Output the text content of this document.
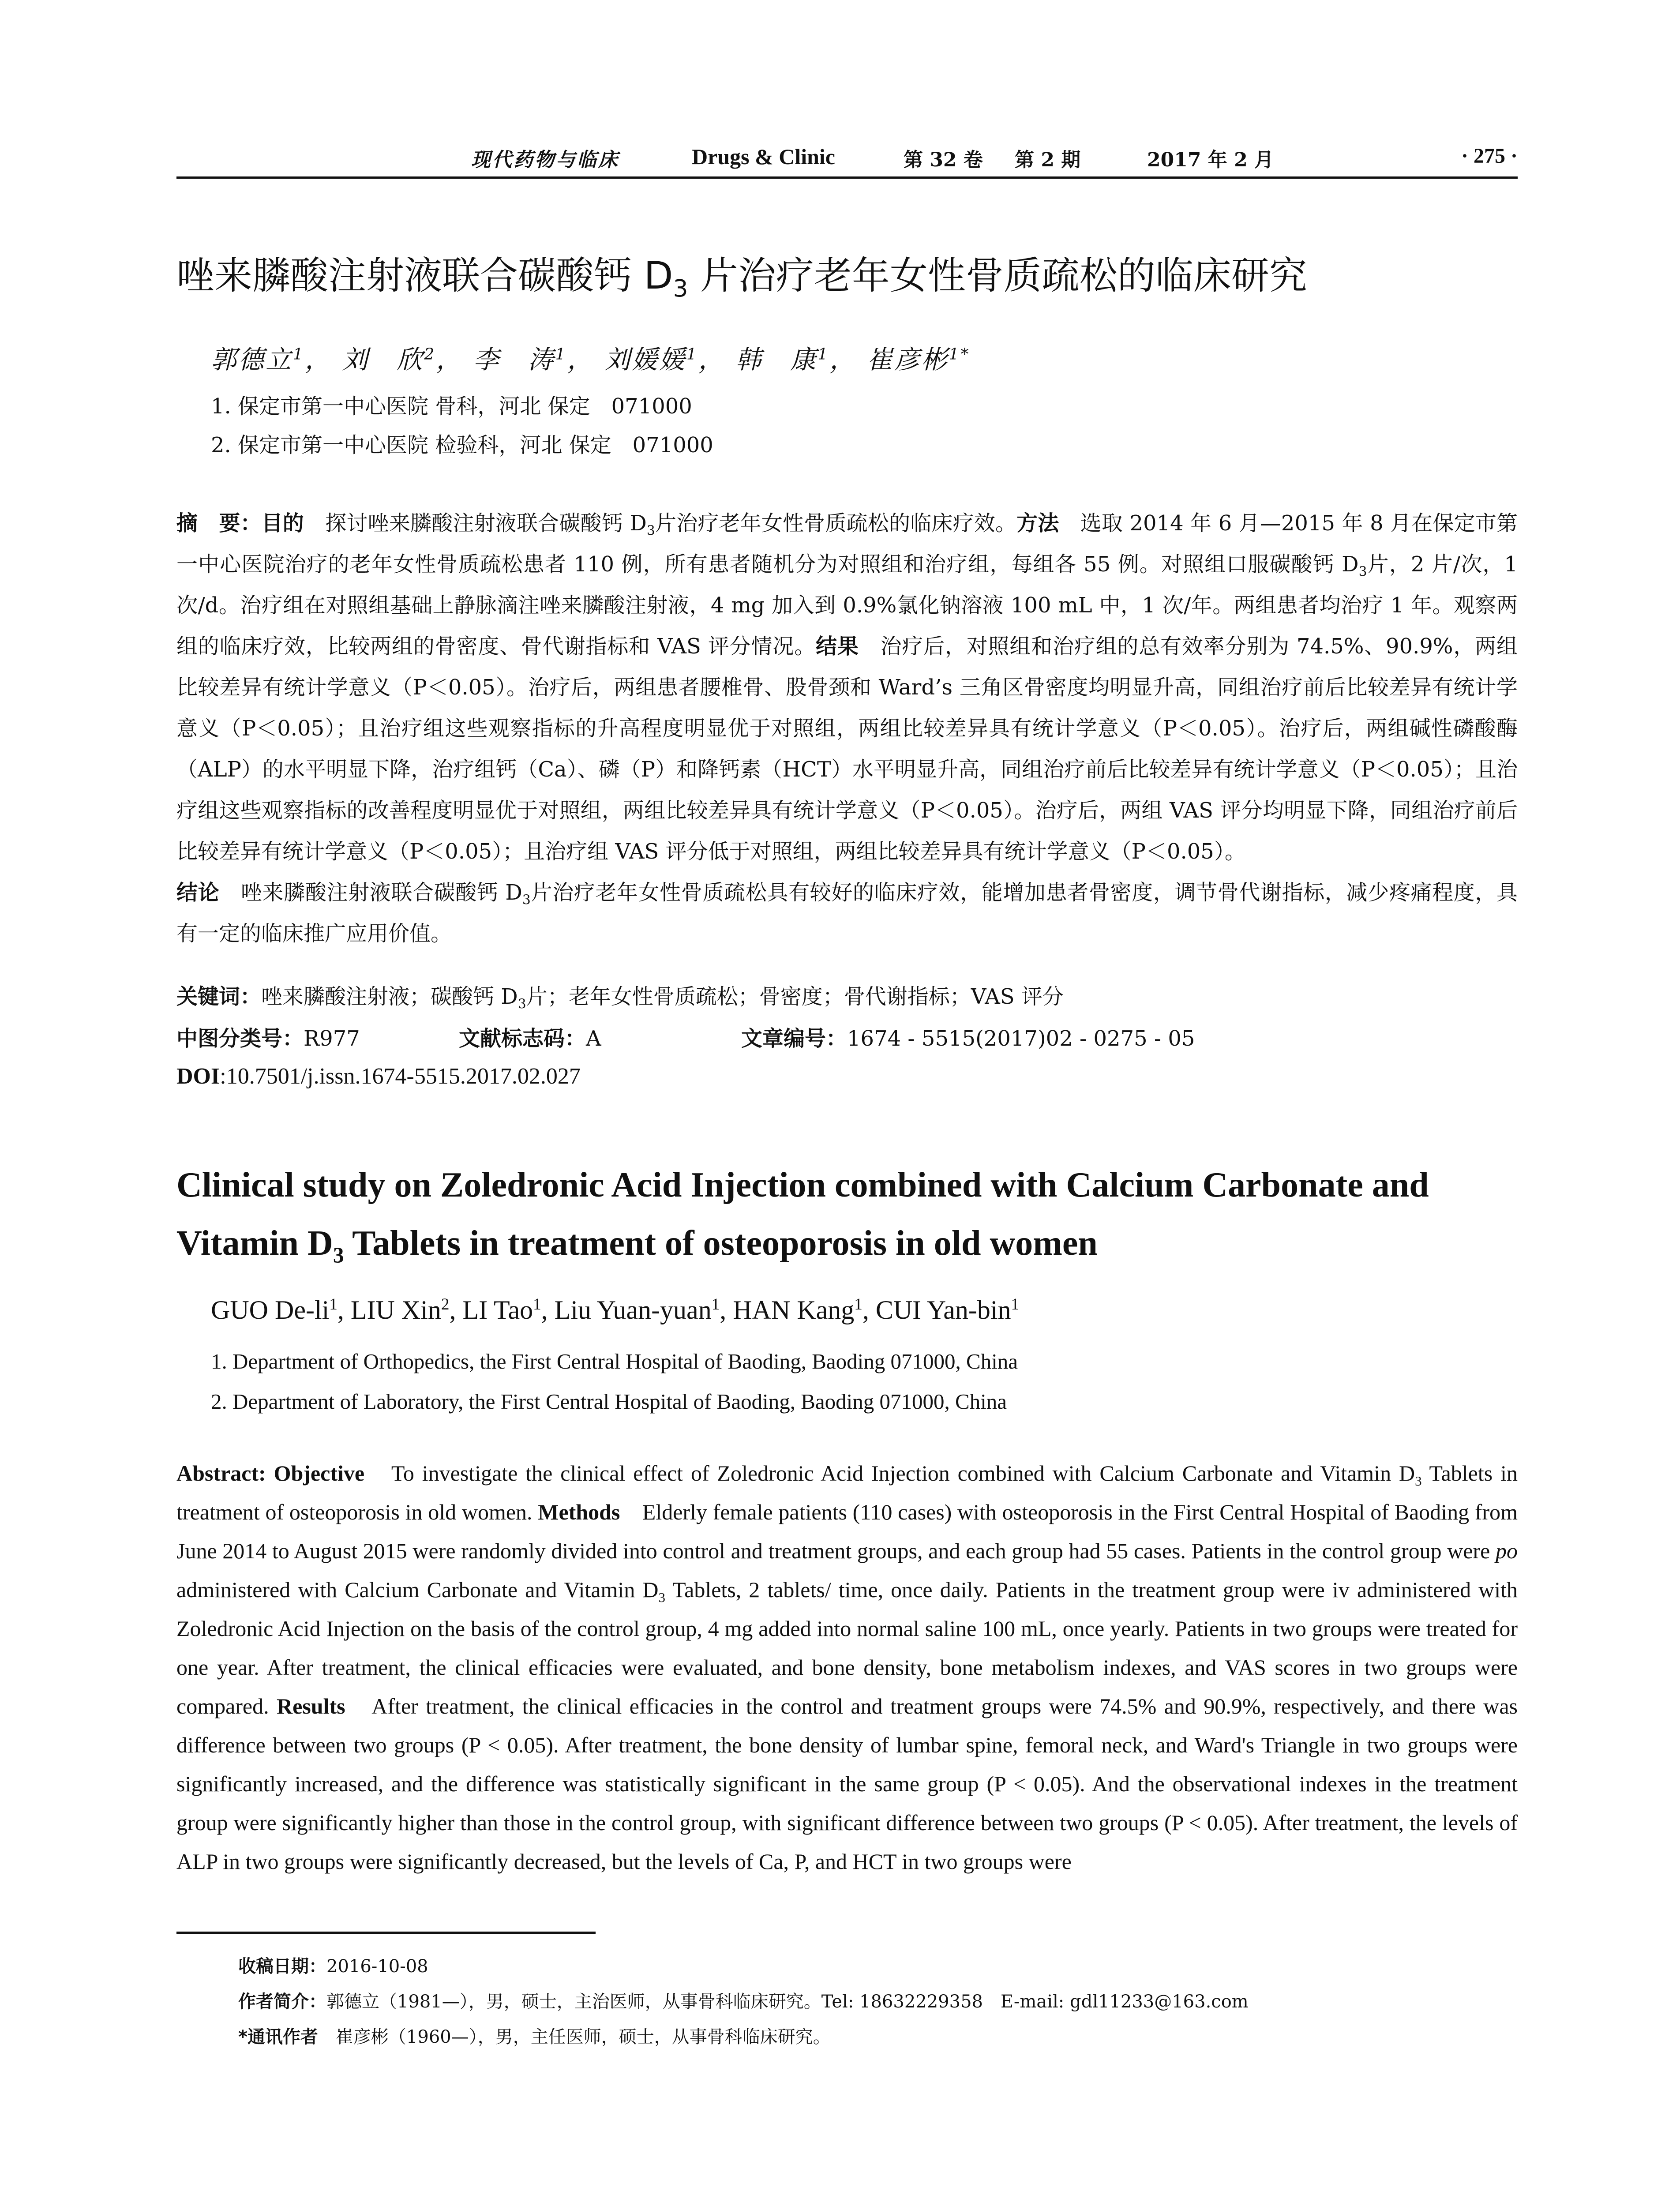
现代药物与临床	Drugs & Clinic	第 32 卷 第 2 期	2017 年 2 月	· 275 ·
唑来膦酸注射液联合碳酸钙 $D_3$ 片治疗老年女性骨质疏松的临床研究
郭德立$^1$， 刘　欣$^2$， 李　涛$^1$， 刘媛媛$^1$， 韩　康$^1$， 崔彦彬$^{1*}$
1. 保定市第一中心医院 骨科，河北 保定　071000
2. 保定市第一中心医院 检验科，河北 保定　071000
摘　要：目的　探讨唑来膦酸注射液联合碳酸钙 $D_3$片治疗老年女性骨质疏松的临床疗效。方法　选取 2014 年 6 月—2015 年 8 月在保定市第一中心医院治疗的老年女性骨质疏松患者 110 例，所有患者随机分为对照组和治疗组，每组各 55 例。对照组口服碳酸钙 $D_3$片，2 片/次，1 次/d。治疗组在对照组基础上静脉滴注唑来膦酸注射液，4 mg 加入到 0.9%氯化钠溶液 100 mL 中，1 次/年。两组患者均治疗 1 年。观察两组的临床疗效，比较两组的骨密度、骨代谢指标和 VAS 评分情况。结果　治疗后，对照组和治疗组的总有效率分别为 74.5%、90.9%，两组比较差异有统计学意义（P＜0.05）。治疗后，两组患者腰椎骨、股骨颈和 Ward’s 三角区骨密度均明显升高，同组治疗前后比较差异有统计学意义（P＜0.05）；且治疗组这些观察指标的升高程度明显优于对照组，两组比较差异具有统计学意义（P＜0.05）。治疗后，两组碱性磷酸酶（ALP）的水平明显下降，治疗组钙（Ca）、磷（P）和降钙素（HCT）水平明显升高，同组治疗前后比较差异有统计学意义（P＜0.05）；且治疗组这些观察指标的改善程度明显优于对照组，两组比较差异具有统计学意义（P＜0.05）。治疗后，两组 VAS 评分均明显下降，同组治疗前后比较差异有统计学意义（P＜0.05）；且治疗组 VAS 评分低于对照组，两组比较差异具有统计学意义（P＜0.05）。
结论　唑来膦酸注射液联合碳酸钙 $D_3$片治疗老年女性骨质疏松具有较好的临床疗效，能增加患者骨密度，调节骨代谢指标，减少疼痛程度，具有一定的临床推广应用价值。
关键词：唑来膦酸注射液；碳酸钙 $D_3$片；老年女性骨质疏松；骨密度；骨代谢指标；VAS 评分
中图分类号：R977	文献标志码：A	文章编号：1674 - 5515(2017)02 - 0275 - 05
DOI:10.7501/j.issn.1674-5515.2017.02.027
Clinical study on Zoledronic Acid Injection combined with Calcium Carbonate and Vitamin $D_3$ Tablets in treatment of osteoporosis in old women
GUO $De-li^1$, LIU Xin$^2$, LI Tao$^1$, Liu Yuan-yuan$^1$, HAN Kang$^1$, CUI Yan-bin$^1$
1. Department of Orthopedics, the First Central Hospital of Baoding, Baoding 071000, China
2. Department of Laboratory, the First Central Hospital of Baoding, Baoding 071000, China
Abstract: Objective　To investigate the clinical effect of Zoledronic Acid Injection combined with Calcium Carbonate and Vitamin $D_3$ Tablets in treatment of osteoporosis in old women. Methods　Elderly female patients (110 cases) with osteoporosis in the First Central Hospital of Baoding from June 2014 to August 2015 were randomly divided into control and treatment groups, and each group had 55 cases. Patients in the control group were po administered with Calcium Carbonate and Vitamin $D_3$ Tablets, 2 tablets/ time, once daily. Patients in the treatment group were iv administered with Zoledronic Acid Injection on the basis of the control group, 4 mg added into normal saline 100 mL, once yearly. Patients in two groups were treated for one year. After treatment, the clinical efficacies were evaluated, and bone density, bone metabolism indexes, and VAS scores in two groups were compared. Results　After treatment, the clinical efficacies in the control and treatment groups were 74.5% and 90.9%, respectively, and there was difference between two groups (P < 0.05). After treatment, the bone density of lumbar spine, femoral neck, and Ward's Triangle in two groups were significantly increased, and the difference was statistically significant in the same group (P < 0.05). And the observational indexes in the treatment group were significantly higher than those in the control group, with significant difference between two groups (P < 0.05). After treatment, the levels of ALP in two groups were significantly decreased, but the levels of Ca, P, and HCT in two groups were
收稿日期：2016-10-08
作者简介：郭德立（1981—），男，硕士，主治医师，从事骨科临床研究。Tel: 18632229358　E-mail: gdl11233@163.com
*通讯作者　崔彦彬（1960—），男，主任医师，硕士，从事骨科临床研究。
